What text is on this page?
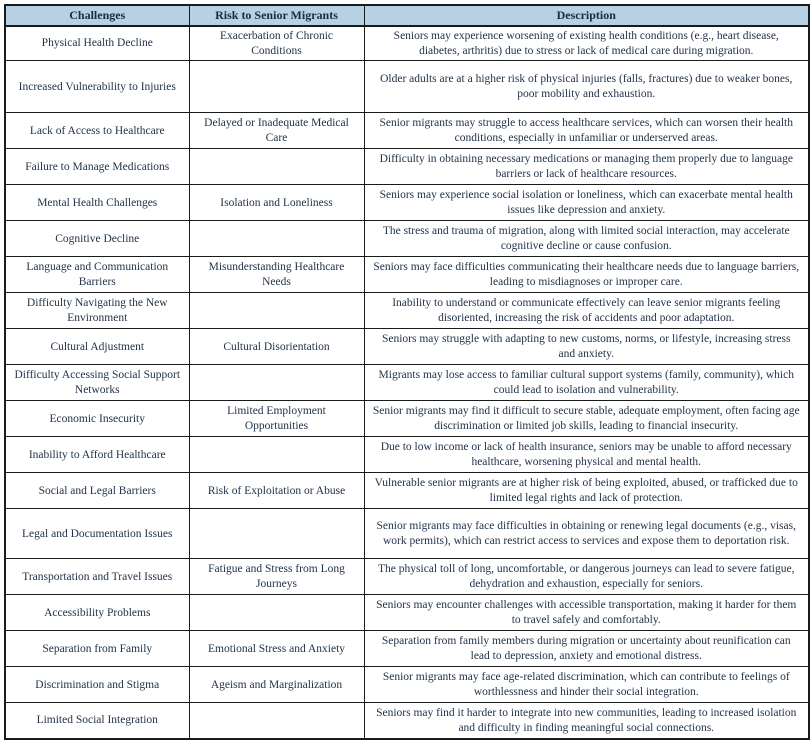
Challenges	Risk to Senior Migrants	Description
Physical Health Decline	Exacerbation of Chronic Conditions	Seniors may experience worsening of existing health conditions (e.g., heart disease, diabetes, arthritis) due to stress or lack of medical care during migration.
Increased Vulnerability to Injuries		Older adults are at a higher risk of physical injuries (falls, fractures) due to weaker bones, poor mobility and exhaustion.
Lack of Access to Healthcare	Delayed or Inadequate Medical Care	Senior migrants may struggle to access healthcare services, which can worsen their health conditions, especially in unfamiliar or underserved areas.
Failure to Manage Medications		Difficulty in obtaining necessary medications or managing them properly due to language barriers or lack of healthcare resources.
Mental Health Challenges	Isolation and Loneliness	Seniors may experience social isolation or loneliness, which can exacerbate mental health issues like depression and anxiety.
Cognitive Decline		The stress and trauma of migration, along with limited social interaction, may accelerate cognitive decline or cause confusion.
Language and Communication Barriers	Misunderstanding Healthcare Needs	Seniors may face difficulties communicating their healthcare needs due to language barriers, leading to misdiagnoses or improper care.
Difficulty Navigating the New Environment		Inability to understand or communicate effectively can leave senior migrants feeling disoriented, increasing the risk of accidents and poor adaptation.
Cultural Adjustment	Cultural Disorientation	Seniors may struggle with adapting to new customs, norms, or lifestyle, increasing stress and anxiety.
Difficulty Accessing Social Support Networks		Migrants may lose access to familiar cultural support systems (family, community), which could lead to isolation and vulnerability.
Economic Insecurity	Limited Employment Opportunities	Senior migrants may find it difficult to secure stable, adequate employment, often facing age discrimination or limited job skills, leading to financial insecurity.
Inability to Afford Healthcare		Due to low income or lack of health insurance, seniors may be unable to afford necessary healthcare, worsening physical and mental health.
Social and Legal Barriers	Risk of Exploitation or Abuse	Vulnerable senior migrants are at higher risk of being exploited, abused, or trafficked due to limited legal rights and lack of protection.
Legal and Documentation Issues		Senior migrants may face difficulties in obtaining or renewing legal documents (e.g., visas, work permits), which can restrict access to services and expose them to deportation risk.
Transportation and Travel Issues	Fatigue and Stress from Long Journeys	The physical toll of long, uncomfortable, or dangerous journeys can lead to severe fatigue, dehydration and exhaustion, especially for seniors.
Accessibility Problems		Seniors may encounter challenges with accessible transportation, making it harder for them to travel safely and comfortably.
Separation from Family	Emotional Stress and Anxiety	Separation from family members during migration or uncertainty about reunification can lead to depression, anxiety and emotional distress.
Discrimination and Stigma	Ageism and Marginalization	Senior migrants may face age-related discrimination, which can contribute to feelings of worthlessness and hinder their social integration.
Limited Social Integration		Seniors may find it harder to integrate into new communities, leading to increased isolation and difficulty in finding meaningful social connections.
